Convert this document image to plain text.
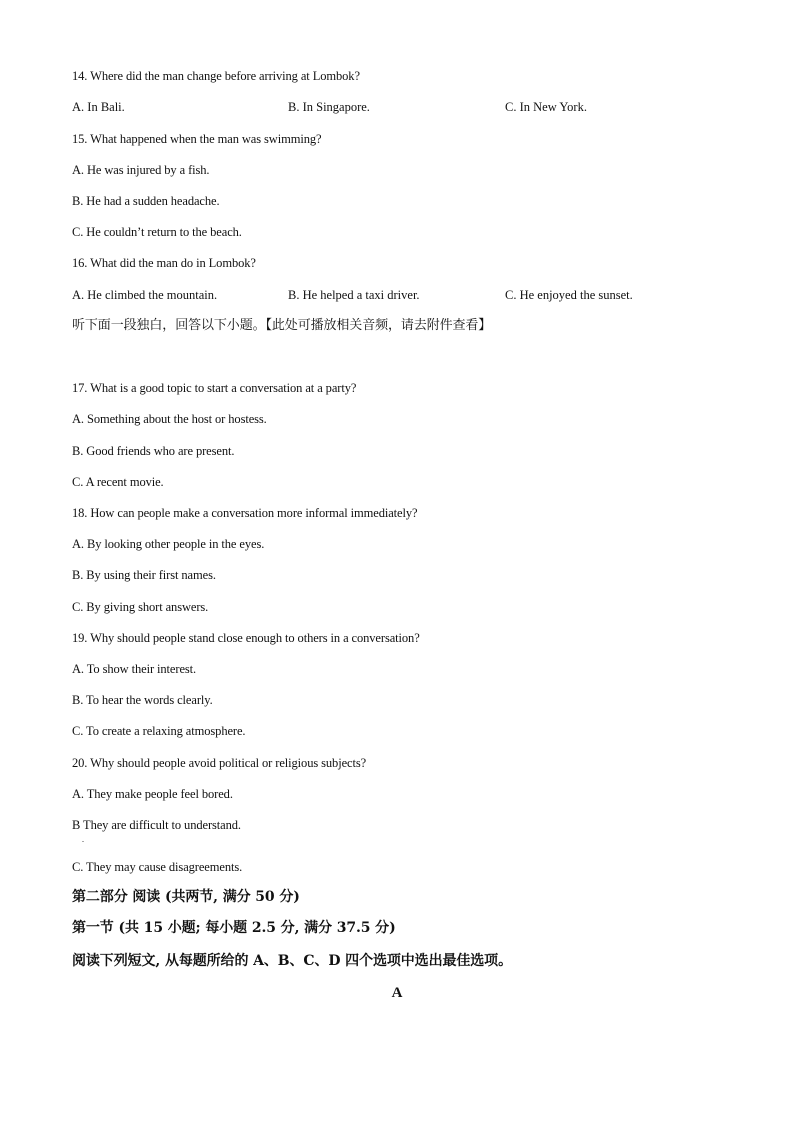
14. Where did the man change before arriving at Lombok?
A. In Bali.	B. In Singapore.	C. In New York.
15. What happened when the man was swimming?
A. He was injured by a fish.
B. He had a sudden headache.
C. He couldn’t return to the beach.
16. What did the man do in Lombok?
A. He climbed the mountain.	B. He helped a taxi driver.	C. He enjoyed the sunset.
听下面一段独白，回答以下小题。【此处可播放相关音频，请去附件查看】
17. What is a good topic to start a conversation at a party?
A. Something about the host or hostess.
B. Good friends who are present.
C. A recent movie.
18. How can people make a conversation more informal immediately?
A. By looking other people in the eyes.
B. By using their first names.
C. By giving short answers.
19. Why should people stand close enough to others in a conversation?
A. To show their interest.
B. To hear the words clearly.
C. To create a relaxing atmosphere.
20. Why should people avoid political or religious subjects?
A. They make people feel bored.
B They are difficult to understand.
.
C. They may cause disagreements.
第二部分 阅读 (共两节, 满分 50 分)
第一节 (共 15 小题; 每小题 2.5 分, 满分 37.5 分)
阅读下列短文, 从每题所给的 A、B、C、D 四个选项中选出最佳选项。
A
